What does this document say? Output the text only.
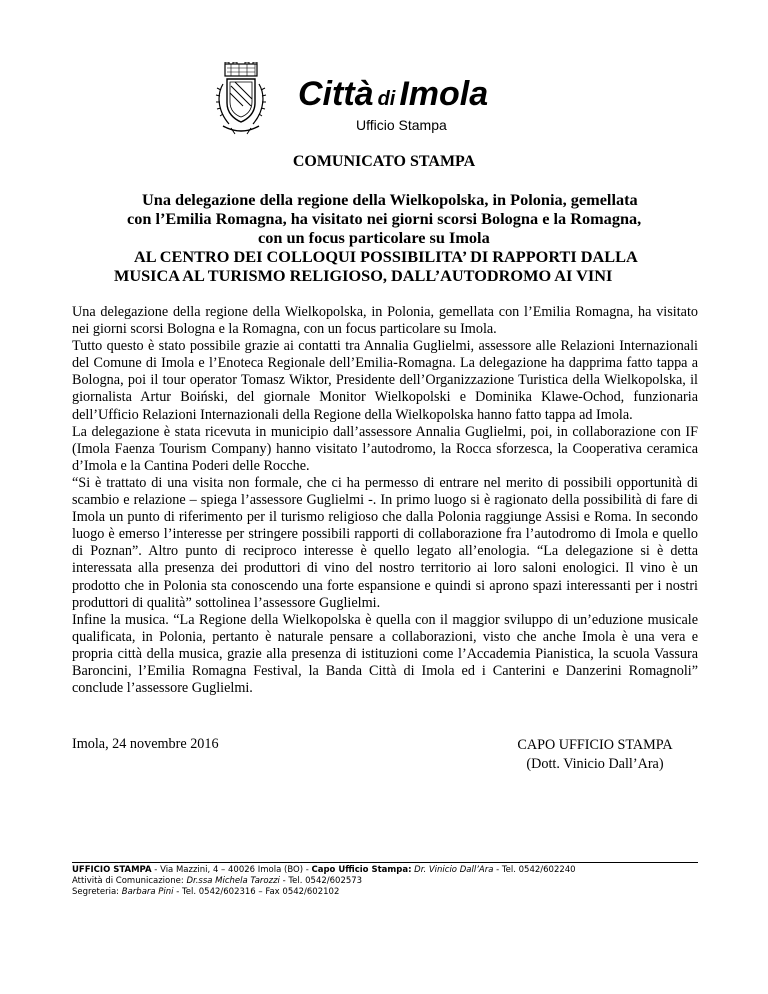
Città di Imola
Ufficio Stampa
COMUNICATO STAMPA
Una delegazione della regione della Wielkopolska, in Polonia, gemellata
con l’Emilia Romagna, ha visitato nei giorni scorsi Bologna e la Romagna,
con un focus particolare su Imola
AL CENTRO DEI COLLOQUI POSSIBILITA’ DI RAPPORTI DALLA
MUSICA AL TURISMO RELIGIOSO, DALL’AUTODROMO AI VINI

Una delegazione della regione della Wielkopolska, in Polonia, gemellata con l’Emilia Romagna, ha visitato nei giorni scorsi Bologna e la Romagna, con un focus particolare su Imola.

Tutto questo è stato possibile grazie ai contatti tra Annalia Guglielmi, assessore alle Relazioni Internazionali del Comune di Imola e l’Enoteca Regionale dell’Emilia-Romagna. La delegazione ha dapprima fatto tappa a Bologna, poi il tour operator Tomasz Wiktor, Presidente dell’Organizzazione Turistica della Wielkopolska, il giornalista Artur Boiński, del giornale Monitor Wielkopolski e Dominika Klawe-Ochod, funzionaria dell’Ufficio Relazioni Internazionali della Regione della Wielkopolska hanno fatto tappa ad Imola.

La delegazione è stata ricevuta in municipio dall’assessore Annalia Guglielmi, poi, in collaborazione con IF (Imola Faenza Tourism Company) hanno visitato l’autodromo, la Rocca sforzesca, la Cooperativa ceramica d’Imola e la Cantina Poderi delle Rocche.

“Si è trattato di una visita non formale, che ci ha permesso di entrare nel merito di possibili opportunità di scambio e relazione – spiega l’assessore Guglielmi -. In primo luogo si è ragionato della possibilità di fare di Imola un punto di riferimento per il turismo religioso che dalla Polonia raggiunge Assisi e Roma. In secondo luogo è emerso l’interesse per stringere possibili rapporti di collaborazione fra l’autodromo di Imola e quello di Poznan”. Altro punto di reciproco interesse è quello legato all’enologia. “La delegazione si è detta interessata alla presenza dei produttori di vino del nostro territorio ai loro saloni enologici. Il vino è un prodotto che in Polonia sta conoscendo una forte espansione e quindi si aprono spazi interessanti per i nostri produttori di qualità” sottolinea l’assessore Guglielmi.

Infine la musica. “La Regione della Wielkopolska è quella con il maggior sviluppo di un’eduzione musicale qualificata, in Polonia, pertanto è naturale pensare a collaborazioni, visto che anche Imola è una vera e propria città della musica, grazie alla presenza di istituzioni come l’Accademia Pianistica, la scuola Vassura Baroncini, l’Emilia Romagna Festival, la Banda Città di Imola ed i Canterini e Danzerini Romagnoli” conclude l’assessore Guglielmi.

Imola, 24 novembre 2016	CAPO UFFICIO STAMPA
(Dott. Vinicio Dall’Ara)
UFFICIO STAMPA - Via Mazzini, 4 – 40026 Imola (BO) - Capo Ufficio Stampa: Dr. Vinicio Dall’Ara - Tel. 0542/602240
Attività di Comunicazione: Dr.ssa Michela Tarozzi - Tel. 0542/602573
Segreteria: Barbara Pini - Tel. 0542/602316 – Fax 0542/602102
